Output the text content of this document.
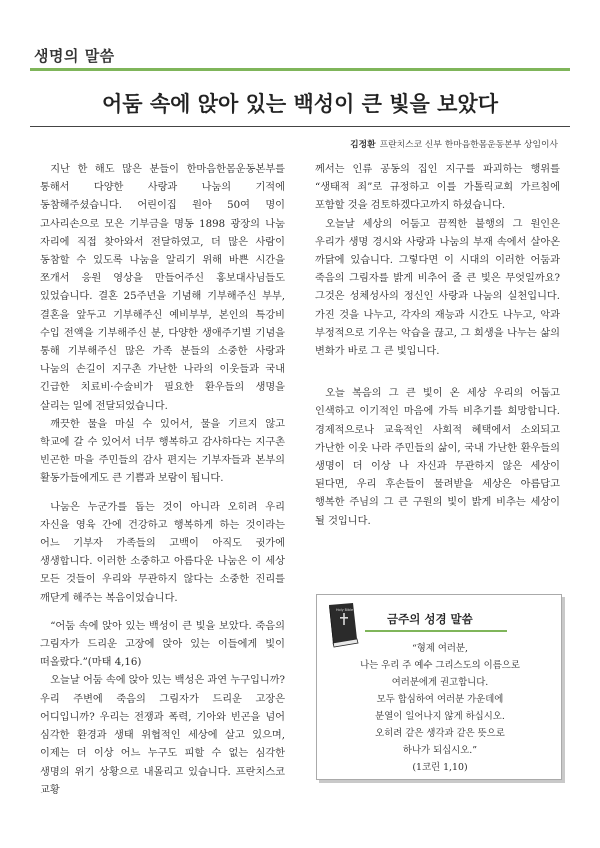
생명의 말씀
어둠 속에 앉아 있는 백성이 큰 빛을 보았다
김정환 프란치스코 신부 한마음한몸운동본부 상임이사

지난 한 해도 많은 분들이 한마음한몸운동본부를 통해서 다양한 사랑과 나눔의 기적에 동참해주셨습니다. 어린이집 원아 50여 명이 고사리손으로 모은 기부금을 명동 1898 광장의 나눔 자리에 직접 찾아와서 전달하였고, 더 많은 사람이 동참할 수 있도록 나눔을 알리기 위해 바쁜 시간을 쪼개서 응원 영상을 만들어주신 홍보대사님들도 있었습니다. 결혼 25주년을 기념해 기부해주신 부부, 결혼을 앞두고 기부해주신 예비부부, 본인의 특강비 수입 전액을 기부해주신 분, 다양한 생애주기별 기념을 통해 기부해주신 많은 가족 분들의 소중한 사랑과 나눔의 손길이 지구촌 가난한 나라의 이웃들과 국내 긴급한 치료비·수술비가 필요한 환우들의 생명을 살리는 일에 전달되었습니다.

깨끗한 물을 마실 수 있어서, 물을 기르지 않고 학교에 갈 수 있어서 너무 행복하고 감사하다는 지구촌 빈곤한 마을 주민들의 감사 편지는 기부자들과 본부의 활동가들에게도 큰 기쁨과 보람이 됩니다.

나눔은 누군가를 돕는 것이 아니라 오히려 우리 자신을 영육 간에 건강하고 행복하게 하는 것이라는 어느 기부자 가족들의 고백이 아직도 귓가에 생생합니다. 이러한 소중하고 아름다운 나눔은 이 세상 모든 것들이 우리와 무관하지 않다는 소중한 진리를 깨닫게 해주는 복음이었습니다.

“어둠 속에 앉아 있는 백성이 큰 빛을 보았다. 죽음의 그림자가 드리운 고장에 앉아 있는 이들에게 빛이 떠올랐다.”(마태 4,16)

오늘날 어둠 속에 앉아 있는 백성은 과연 누구입니까? 우리 주변에 죽음의 그림자가 드리운 고장은 어디입니까? 우리는 전쟁과 폭력, 기아와 빈곤을 넘어 심각한 환경과 생태 위협적인 세상에 살고 있으며, 이제는 더 이상 어느 누구도 피할 수 없는 심각한 생명의 위기 상황으로 내몰리고 있습니다. 프란치스코 교황

께서는 인류 공동의 집인 지구를 파괴하는 행위를 “생태적 죄”로 규정하고 이를 가톨릭교회 가르침에 포함할 것을 검토하겠다고까지 하셨습니다.

오늘날 세상의 어둠고 끔찍한 불행의 그 원인은 우리가 생명 경시와 사랑과 나눔의 부재 속에서 살아온 까닭에 있습니다. 그렇다면 이 시대의 이러한 어둠과 죽음의 그림자를 밝게 비추어 줄 큰 빛은 무엇일까요? 그것은 성체성사의 정신인 사랑과 나눔의 실천입니다. 가진 것을 나누고, 각자의 재능과 시간도 나누고, 악과 부정적으로 기우는 악습을 끊고, 그 희생을 나누는 삶의 변화가 바로 그 큰 빛입니다.

오늘 복음의 그 큰 빛이 온 세상 우리의 어둡고 인색하고 이기적인 마음에 가득 비추기를 희망합니다. 경제적으로나 교육적인 사회적 혜택에서 소외되고 가난한 이웃 나라 주민들의 삶이, 국내 가난한 환우들의 생명이 더 이상 나 자신과 무관하지 않은 세상이 된다면, 우리 후손들이 물려받을 세상은 아름답고 행복한 주님의 그 큰 구원의 빛이 밝게 비추는 세상이 될 것입니다.

Holy Bible
금주의 성경 말씀
“형제 여러분,
나는 우리 주 예수 그리스도의 이름으로
여러분에게 권고합니다.
모두 합심하여 여러분 가운데에
분열이 일어나지 않게 하십시오.
오히려 같은 생각과 같은 뜻으로
하나가 되십시오.”
(1코린 1,10)
